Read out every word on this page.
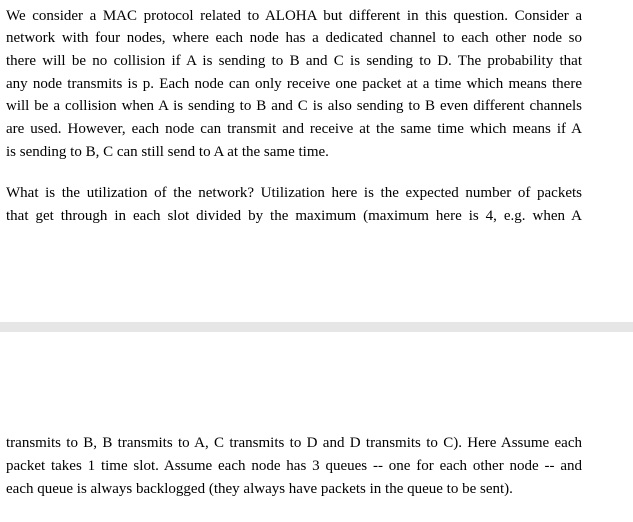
We consider a MAC protocol related to ALOHA but different in this question. Consider a
network with four nodes, where each node has a dedicated channel to each other node so
there will be no collision if A is sending to B and C is sending to D. The probability that
any node transmits is p. Each node can only receive one packet at a time which means there
will be a collision when A is sending to B and C is also sending to B even different channels
are used. However, each node can transmit and receive at the same time which means if A
is sending to B, C can still send to A at the same time.
What is the utilization of the network? Utilization here is the expected number of packets
that get through in each slot divided by the maximum (maximum here is 4, e.g. when A
transmits to B, B transmits to A, C transmits to D and D transmits to C). Here Assume each
packet takes 1 time slot. Assume each node has 3 queues -- one for each other node -- and
each queue is always backlogged (they always have packets in the queue to be sent).
